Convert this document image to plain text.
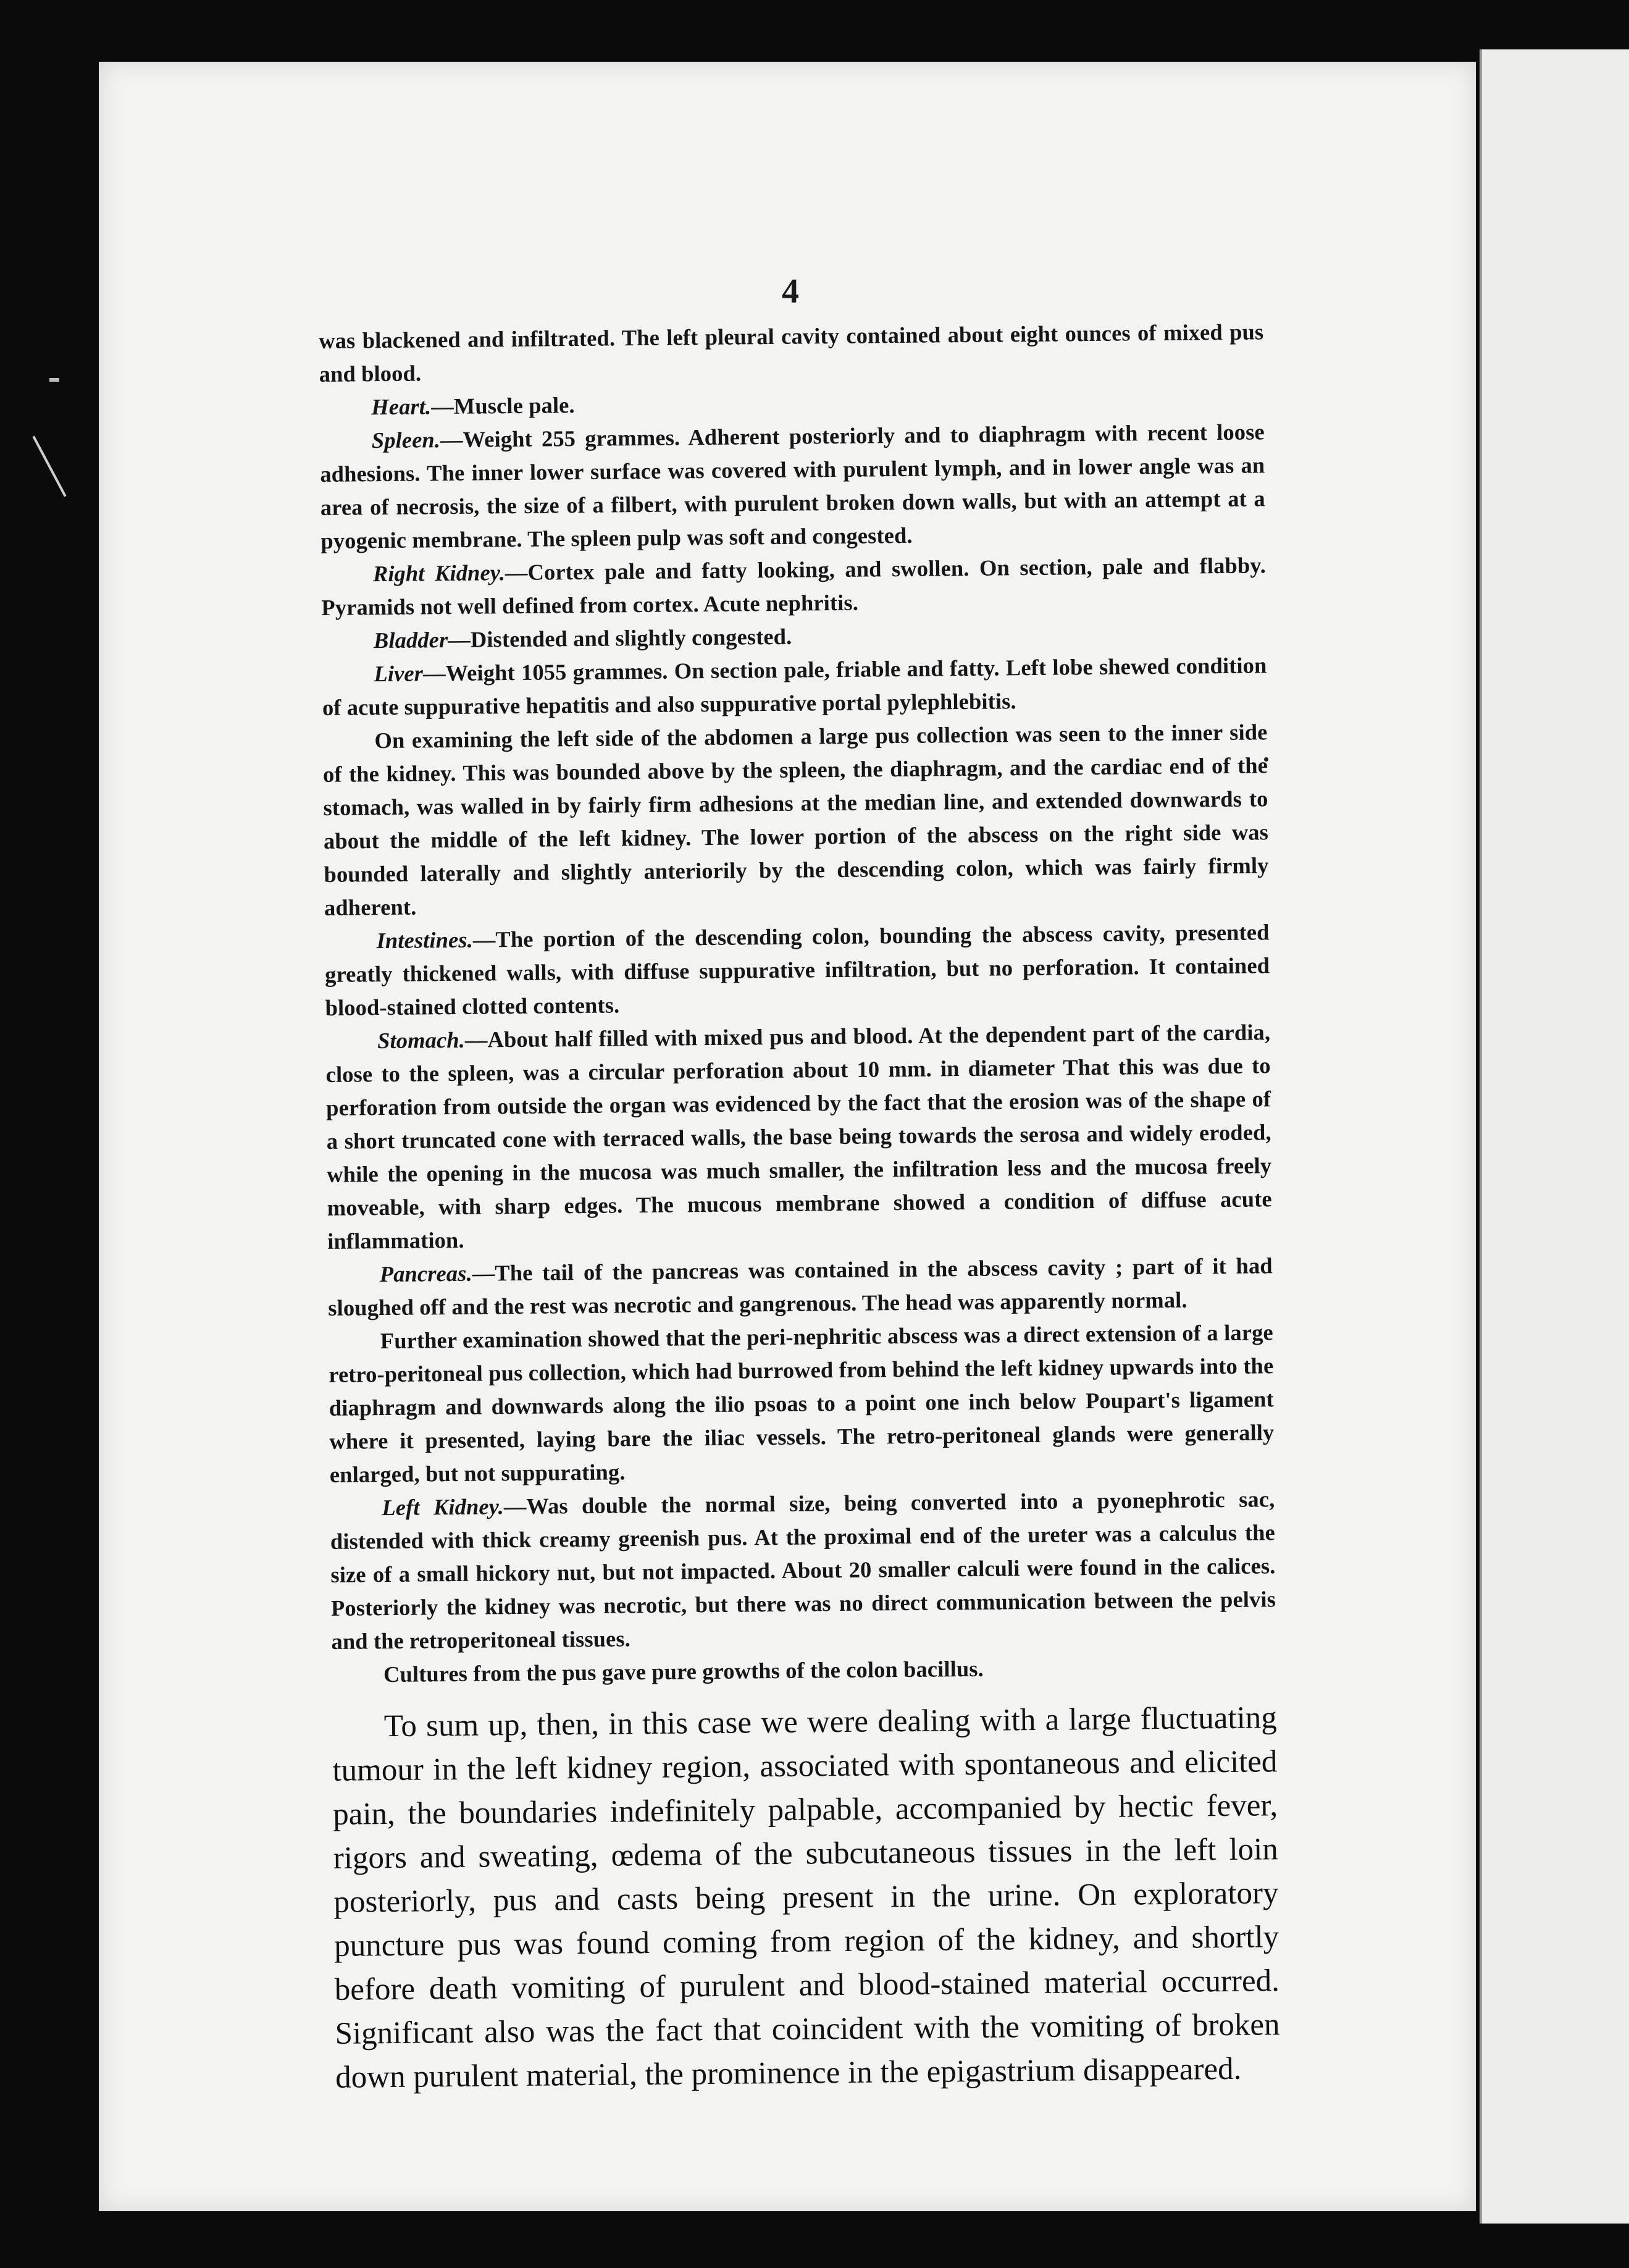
4

was blackened and infiltrated. The left pleural cavity contained about eight ounces of mixed pus and blood.

Heart.—Muscle pale.

Spleen.—Weight 255 grammes. Adherent posteriorly and to diaphragm with recent loose adhesions. The inner lower surface was covered with purulent lymph, and in lower angle was an area of necrosis, the size of a filbert, with purulent broken down walls, but with an attempt at a pyogenic membrane. The spleen pulp was soft and congested.

Right Kidney.—Cortex pale and fatty looking, and swollen. On section, pale and flabby. Pyramids not well defined from cortex. Acute nephritis.

Bladder—Distended and slightly congested.

Liver—Weight 1055 grammes. On section pale, friable and fatty. Left lobe shewed condition of acute suppurative hepatitis and also suppurative portal pylephlebitis.

On examining the left side of the abdomen a large pus collection was seen to the inner side of the kidney. This was bounded above by the spleen, the diaphragm, and the cardiac end of the stomach, was walled in by fairly firm adhesions at the median line, and extended downwards to about the middle of the left kidney. The lower portion of the abscess on the right side was bounded laterally and slightly anteriorily by the descending colon, which was fairly firmly adherent.

Intestines.—The portion of the descending colon, bounding the abscess cavity, presented greatly thickened walls, with diffuse suppurative infiltration, but no perforation. It contained blood-stained clotted contents.

Stomach.—About half filled with mixed pus and blood. At the dependent part of the cardia, close to the spleen, was a circular perforation about 10 mm. in diameter That this was due to perforation from outside the organ was evidenced by the fact that the erosion was of the shape of a short truncated cone with terraced walls, the base being towards the serosa and widely eroded, while the opening in the mucosa was much smaller, the infiltration less and the mucosa freely moveable, with sharp edges. The mucous membrane showed a condition of diffuse acute inflammation.

Pancreas.—The tail of the pancreas was contained in the abscess cavity ; part of it had sloughed off and the rest was necrotic and gangrenous. The head was apparently normal.

Further examination showed that the peri-nephritic abscess was a direct extension of a large retro-peritoneal pus collection, which had burrowed from behind the left kidney upwards into the diaphragm and downwards along the ilio psoas to a point one inch below Poupart's ligament where it presented, laying bare the iliac vessels. The retro-peritoneal glands were generally enlarged, but not suppurating.

Left Kidney.—Was double the normal size, being converted into a pyonephrotic sac, distended with thick creamy greenish pus. At the proximal end of the ureter was a calculus the size of a small hickory nut, but not impacted. About 20 smaller calculi were found in the calices. Posteriorly the kidney was necrotic, but there was no direct communication between the pelvis and the retroperitoneal tissues.

Cultures from the pus gave pure growths of the colon bacillus.

To sum up, then, in this case we were dealing with a large fluctuating tumour in the left kidney region, associated with spontaneous and elicited pain, the boundaries indefinitely palpable, accompanied by hectic fever, rigors and sweating, œdema of the subcutaneous tissues in the left loin posteriorly, pus and casts being present in the urine. On exploratory puncture pus was found coming from region of the kidney, and shortly before death vomiting of purulent and blood-stained material occurred. Significant also was the fact that coincident with the vomiting of broken down purulent material, the prominence in the epigastrium disappeared.
